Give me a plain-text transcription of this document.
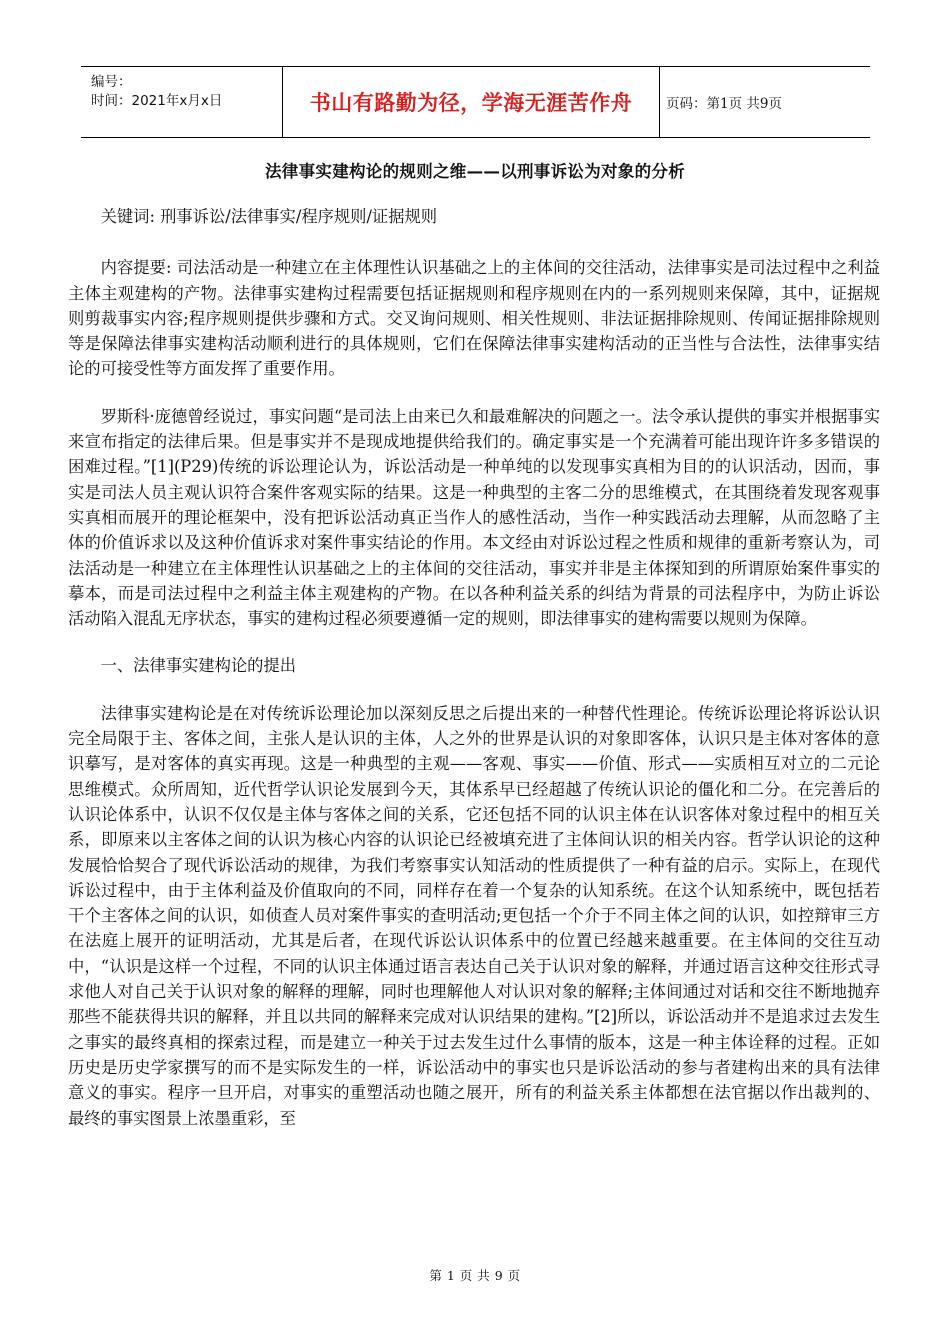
编号：
时间：2021年x月x日	书山有路勤为径，学海无涯苦作舟	页码：第1页 共9页
法律事实建构论的规则之维——以刑事诉讼为对象的分析

关键词: 刑事诉讼/法律事实/程序规则/证据规则

内容提要: 司法活动是一种建立在主体理性认识基础之上的主体间的交往活动，法律事实是司法过程中之利益主体主观建构的产物。法律事实建构过程需要包括证据规则和程序规则在内的一系列规则来保障，其中，证据规则剪裁事实内容;程序规则提供步骤和方式。交叉询问规则、相关性规则、非法证据排除规则、传闻证据排除规则等是保障法律事实建构活动顺利进行的具体规则，它们在保障法律事实建构活动的正当性与合法性，法律事实结论的可接受性等方面发挥了重要作用。

罗斯科·庞德曾经说过，事实问题“是司法上由来已久和最难解决的问题之一。法令承认提供的事实并根据事实来宣布指定的法律后果。但是事实并不是现成地提供给我们的。确定事实是一个充满着可能出现许许多多错误的困难过程。”[1](P29)传统的诉讼理论认为，诉讼活动是一种单纯的以发现事实真相为目的的认识活动，因而，事实是司法人员主观认识符合案件客观实际的结果。这是一种典型的主客二分的思维模式，在其围绕着发现客观事实真相而展开的理论框架中，没有把诉讼活动真正当作人的感性活动，当作一种实践活动去理解，从而忽略了主体的价值诉求以及这种价值诉求对案件事实结论的作用。本文经由对诉讼过程之性质和规律的重新考察认为，司法活动是一种建立在主体理性认识基础之上的主体间的交往活动，事实并非是主体探知到的所谓原始案件事实的摹本，而是司法过程中之利益主体主观建构的产物。在以各种利益关系的纠结为背景的司法程序中，为防止诉讼活动陷入混乱无序状态，事实的建构过程必须要遵循一定的规则，即法律事实的建构需要以规则为保障。

一、法律事实建构论的提出

法律事实建构论是在对传统诉讼理论加以深刻反思之后提出来的一种替代性理论。传统诉讼理论将诉讼认识完全局限于主、客体之间，主张人是认识的主体，人之外的世界是认识的对象即客体，认识只是主体对客体的意识摹写，是对客体的真实再现。这是一种典型的主观——客观、事实——价值、形式——实质相互对立的二元论思维模式。众所周知，近代哲学认识论发展到今天，其体系早已经超越了传统认识论的僵化和二分。在完善后的认识论体系中，认识不仅仅是主体与客体之间的关系，它还包括不同的认识主体在认识客体对象过程中的相互关系，即原来以主客体之间的认识为核心内容的认识论已经被填充进了主体间认识的相关内容。哲学认识论的这种发展恰恰契合了现代诉讼活动的规律，为我们考察事实认知活动的性质提供了一种有益的启示。实际上，在现代诉讼过程中，由于主体利益及价值取向的不同，同样存在着一个复杂的认知系统。在这个认知系统中，既包括若干个主客体之间的认识，如侦查人员对案件事实的查明活动;更包括一个介于不同主体之间的认识，如控辩审三方在法庭上展开的证明活动，尤其是后者，在现代诉讼认识体系中的位置已经越来越重要。在主体间的交往互动中，“认识是这样一个过程，不同的认识主体通过语言表达自己关于认识对象的解释，并通过语言这种交往形式寻求他人对自己关于认识对象的解释的理解，同时也理解他人对认识对象的解释;主体间通过对话和交往不断地抛弃那些不能获得共识的解释，并且以共同的解释来完成对认识结果的建构。”[2]所以，诉讼活动并不是追求过去发生之事实的最终真相的探索过程，而是建立一种关于过去发生过什么事情的版本，这是一种主体诠释的过程。正如历史是历史学家撰写的而不是实际发生的一样，诉讼活动中的事实也只是诉讼活动的参与者建构出来的具有法律意义的事实。程序一旦开启，对事实的重塑活动也随之展开，所有的利益关系主体都想在法官据以作出裁判的、最终的事实图景上浓墨重彩，至

第 1 页 共 9 页
